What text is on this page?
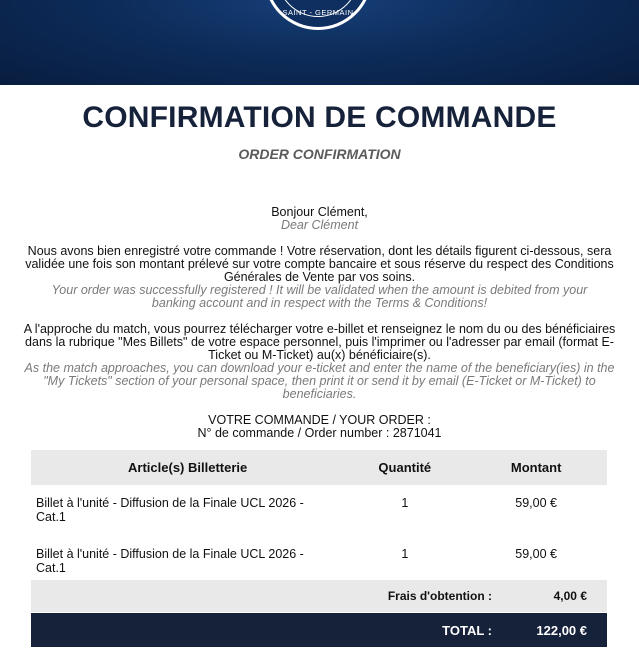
SAINT - GERMAIN
CONFIRMATION DE COMMANDE
ORDER CONFIRMATION
Bonjour Clément,
Dear Clément
Nous avons bien enregistré votre commande ! Votre réservation, dont les détails figurent ci-dessous, sera validée une fois son montant prélevé sur votre compte bancaire et sous réserve du respect des Conditions Générales de Vente par vos soins.
Your order was successfully registered ! It will be validated when the amount is debited from your banking account and in respect with the Terms & Conditions!
A l'approche du match, vous pourrez télécharger votre e-billet et renseignez le nom du ou des bénéficiaires dans la rubrique "Mes Billets" de votre espace personnel, puis l'imprimer ou l'adresser par email (format E-Ticket ou M-Ticket) au(x) bénéficiaire(s).
As the match approaches, you can download your e-ticket and enter the name of the beneficiary(ies) in the "My Tickets" section of your personal space, then print it or send it by email (E-Ticket or M-Ticket) to beneficiaries.
VOTRE COMMANDE / YOUR ORDER :
N° de commande / Order number : 2871041
Article(s) Billetterie	Quantité	Montant
Billet à l'unité - Diffusion de la Finale UCL 2026 - Cat.1	1	59,00 €
Billet à l'unité - Diffusion de la Finale UCL 2026 - Cat.1	1	59,00 €
Frais d'obtention :	4,00 €
TOTAL :	122,00 €
